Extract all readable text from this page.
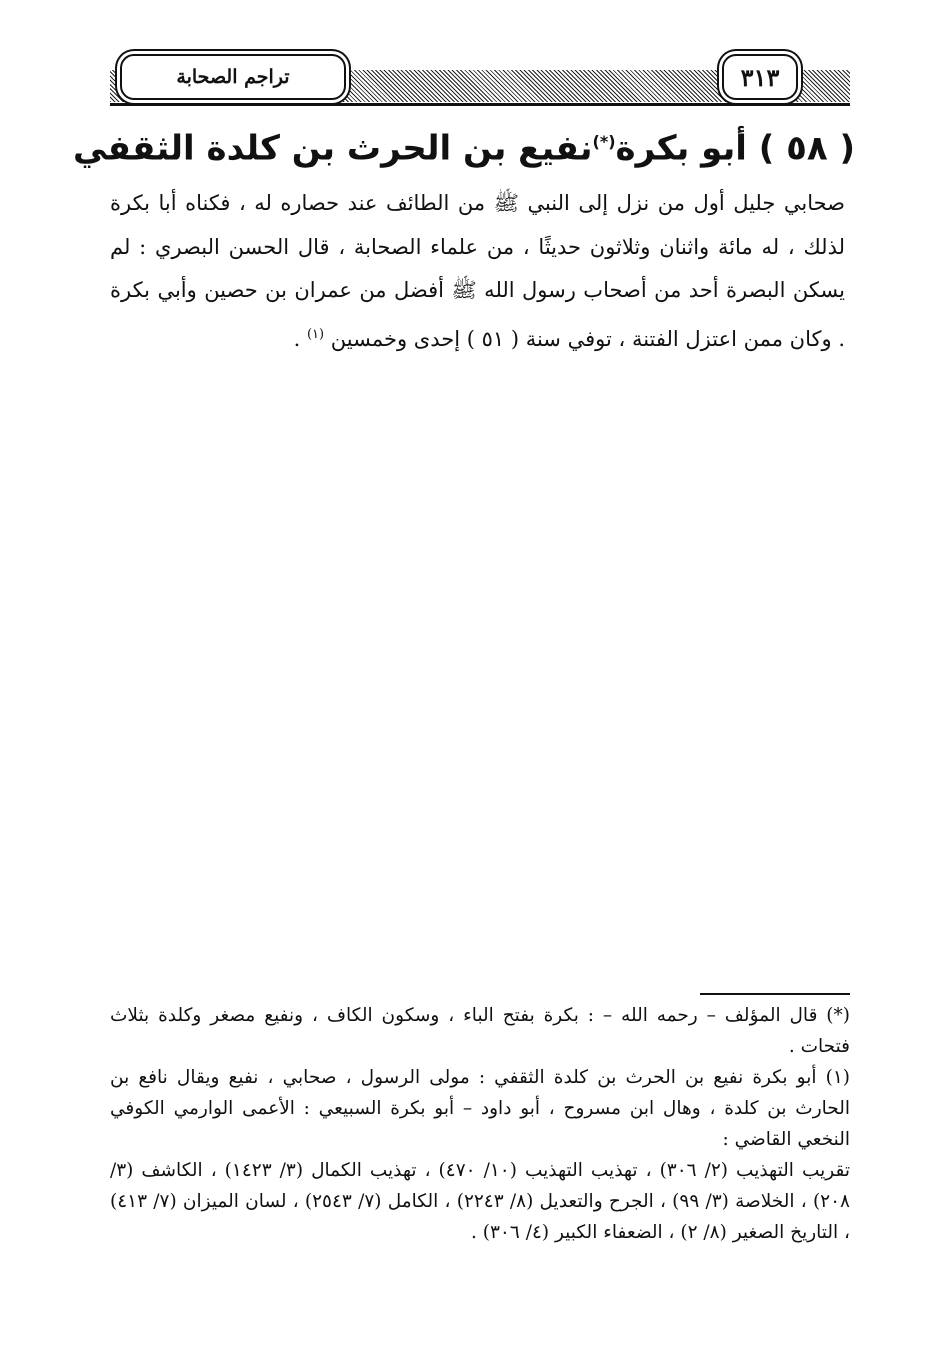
تراجم الصحابة	٣١٣
( ٥٨ ) أبو بكرة(*)نفيع بن الحرث بن كلدة الثقفي
صحابي جليل أول من نزل إلى النبي ﷺ من الطائف عند حصاره له ، فكناه أبا بكرة لذلك ، له مائة واثنان وثلاثون حديثًا ، من علماء الصحابة ، قال الحسن البصري : لم يسكن البصرة أحد من أصحاب رسول الله ﷺ أفضل من عمران بن حصين وأبي بكرة . وكان ممن اعتزل الفتنة ، توفي سنة ( ٥١ ) إحدى وخمسين $^{(١)}$ .

(*) قال المؤلف – رحمه الله – : بكرة بفتح الباء ، وسكون الكاف ، ونفيع مصغر وكلدة بثلاث فتحات .

(١) أبو بكرة نفيع بن الحرث بن كلدة الثقفي : مولى الرسول ، صحابي ، نفيع ويقال نافع بن الحارث بن كلدة ، وهال ابن مسروح ، أبو داود – أبو بكرة السبيعي : الأعمى الوارمي الكوفي النخعي القاضي :

تقريب التهذيب (٢/ ٣٠٦) ، تهذيب التهذيب (١٠/ ٤٧٠) ، تهذيب الكمال (٣/ ١٤٢٣) ، الكاشف (٣/ ٢٠٨) ، الخلاصة (٣/ ٩٩) ، الجرح والتعديل (٨/ ٢٢٤٣) ، الكامل (٧/ ٢٥٤٣) ، لسان الميزان (٧/ ٤١٣) ، التاريخ الصغير (٨/ ٢) ، الضعفاء الكبير (٤/ ٣٠٦) .
